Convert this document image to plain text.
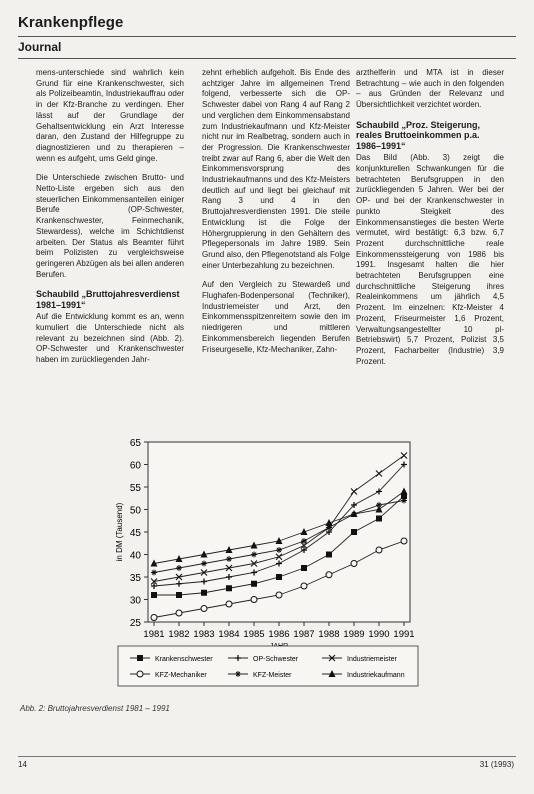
Krankenpflege
Journal

mens-unterschiede sind wahrlich kein Grund für eine Krankenschwester, sich als Polizeibeamtin, Industriekauffrau oder in der Kfz-Branche zu verdingen. Eher lässt auf der Grundlage der Gehaltsentwicklung ein Arzt Interesse daran, den Zustand der Hilfegruppe zu diagnostizieren und zu therapieren – wenn es aufgeht, ums Geld ginge.

Die Unterschiede zwischen Brutto- und Netto-Liste ergeben sich aus den steuerlichen Einkommensanteilen einiger Berufe (OP-Schwester, Krankenschwester, Feinmechanik, Stewardess), welche im Schichtdienst arbeiten. Der Status als Beamter führt beim Polizisten zu vergleichsweise geringeren Abzügen als bei allen anderen Berufen.

Schaubild „Bruttojahresverdienst 1981–1991“

Auf die Entwicklung kommt es an, wenn kumuliert die Unterschiede nicht als relevant zu bezeichnen sind (Abb. 2). OP-Schwester und Krankenschwester haben im zurückliegenden Jahr-

zehnt erheblich aufgeholt. Bis Ende des achtziger Jahre im allgemeinen Trend folgend, verbesserte sich die OP-Schwester dabei von Rang 4 auf Rang 2 und verglichen dem Einkommensabstand zum Industriekaufmann und Kfz-Meister nicht nur im Realbetrag, sondern auch in der Progression. Die Krankenschwester treibt zwar auf Rang 6, aber die Welt den Einkommensvorsprung des Industriekaufmanns und des Kfz-Meisters deutlich auf und liegt bei gleichauf mit Rang 3 und 4 in den Bruttojahresverdiensten 1991. Die steile Entwicklung ist die Folge der Höhergruppierung in den Gehältern des Pflegepersonals im Jahre 1989. Sein Grund also, den Pflegenotstand als Folge einer Unterbezahlung zu bezeichnen.

Auf den Vergleich zu Stewardeß und Flughafen-Bodenpersonal (Techniker), Industriemeister und Arzt, den Einkommensspitzenreitern sowie den im niedrigeren und mittleren Einkommensbereich liegenden Berufen Friseurgeselle, Kfz-Mechaniker, Zahn-

arzthelferin und MTA ist in dieser Betrachtung – wie auch in den folgenden – aus Gründen der Relevanz und Übersichtlichkeit verzichtet worden.

Schaubild „Proz. Steigerung, reales Bruttoeinkommen p.a. 1986–1991“

Das Bild (Abb. 3) zeigt die konjunkturellen Schwankungen für die betrachteten Berufsgruppen in den zurückliegenden 5 Jahren. Wer bei der OP- und bei der Krankenschwester in punkto Steigkeit des Einkommensanstieges die besten Werte vermutet, wird bestätigt: 6,3 bzw. 6,7 Prozent durchschnittliche reale Einkommenssteigerung von 1986 bis 1991. Insgesamt halten die hier betrachteten Berufsgruppen eine durchschnittliche Steigerung ihres Realeinkommens um jährlich 4,5 Prozent. Im einzelnen: Kfz-Meister 4 Prozent, Friseurmeister 1,6 Prozent, Verwaltungsangestellter 10 pl-Betriebswirt) 5,7 Prozent, Polizist 3,5 Prozent, Facharbeiter (Industrie) 3,9 Prozent.

25
30
35
40
45
50
55
60
65
1981 1982 1983 1984 1985 1986 1987 1988 1989 1990 1991
in DM (Tausend)
Krankenschwester	OP-Schwester	Industriemeister
KFZ-Mechaniker	KFZ-Meister	Industriekaufmann
Abb. 2: Bruttojahresverdienst 1981 – 1991
14	31 (1993)
